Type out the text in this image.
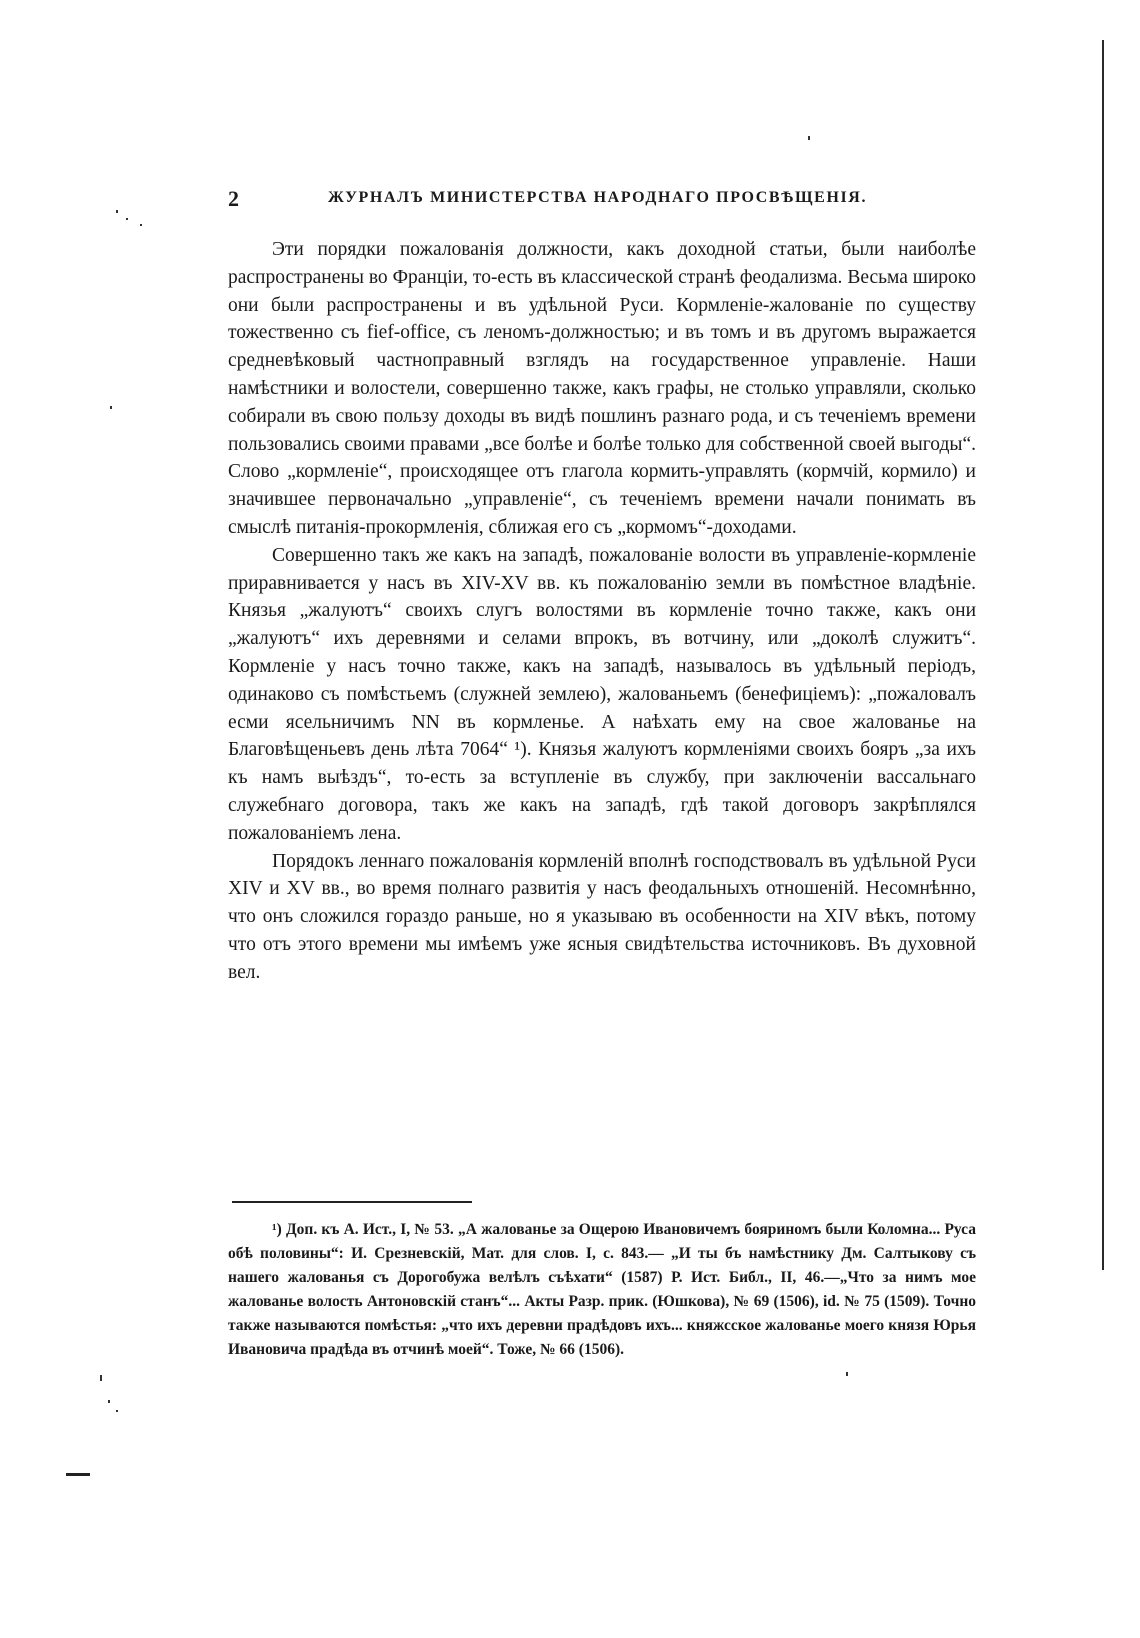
2	ЖУРНАЛЪ МИНИСТЕРСТВА НАРОДНАГО ПРОСВѢЩЕНІЯ.

Эти порядки пожалованія должности, какъ доходной статьи, были наиболѣе распространены во Франціи, то-есть въ классической странѣ феодализма. Весьма широко они были распространены и въ удѣльной Руси. Кормленіе-жалованіе по существу тожественно съ fief-office, съ леномъ-должностью; и въ томъ и въ другомъ выражается средневѣковый частноправный взглядъ на государственное управленіе. Наши намѣстники и волостели, совершенно также, какъ графы, не столько управляли, сколько собирали въ свою пользу доходы въ видѣ пошлинъ разнаго рода, и съ теченіемъ времени пользовались своими правами „все болѣе и болѣе только для собственной своей выгоды“. Слово „кормленіе“, происходящее отъ глагола кормить-управлять (кормчій, кормило) и значившее первоначально „управленіе“, съ теченіемъ времени начали понимать въ смыслѣ питанія-прокормленія, сближая его съ „кормомъ“-доходами.

Совершенно такъ же какъ на западѣ, пожалованіе волости въ управленіе-кормленіе приравнивается у насъ въ XIV-XV вв. къ пожалованію земли въ помѣстное владѣніе. Князья „жалуютъ“ своихъ слугъ волостями въ кормленіе точно также, какъ они „жалуютъ“ ихъ деревнями и селами впрокъ, въ вотчину, или „доколѣ служитъ“. Кормленіе у насъ точно также, какъ на западѣ, называлось въ удѣльный періодъ, одинаково съ помѣстьемъ (служней землею), жалованьемъ (бенефиціемъ): „пожаловалъ есми ясельничимъ NN въ кормленье. А наѣхать ему на свое жалованье на Благовѣщеньевъ день лѣта 7064“ ¹). Князья жалуютъ кормленіями своихъ бояръ „за ихъ къ намъ выѣздъ“, то-есть за вступленіе въ службу, при заключеніи вассальнаго служебнаго договора, такъ же какъ на западѣ, гдѣ такой договоръ закрѣплялся пожалованіемъ лена.

Порядокъ леннаго пожалованія кормленій вполнѣ господствовалъ въ удѣльной Руси XIV и XV вв., во время полнаго развитія у насъ феодальныхъ отношеній. Несомнѣнно, что онъ сложился гораздо раньше, но я указываю въ особенности на XIV вѣкъ, потому что отъ этого времени мы имѣемъ уже ясныя свидѣтельства источниковъ. Въ духовной вел.

¹) Доп. къ А. Ист., I, № 53. „А жалованье за Ощерою Ивановичемъ бояриномъ были Коломна... Руса обѣ половины“: И. Срезневскій, Мат. для слов. I, с. 843.— „И ты бъ намѣстнику Дм. Салтыкову съ нашего жалованья съ Дорогобужа велѣлъ съѣхати“ (1587) Р. Ист. Библ., II, 46.—„Что за нимъ мое жалованье волость Антоновскій станъ“... Акты Разр. прик. (Юшкова), № 69 (1506), id. № 75 (1509). Точно также называются помѣстья: „что ихъ деревни прадѣдовъ ихъ... княжсское жалованье моего князя Юрья Ивановича прадѣда въ отчинѣ моей“. Тоже, № 66 (1506).
